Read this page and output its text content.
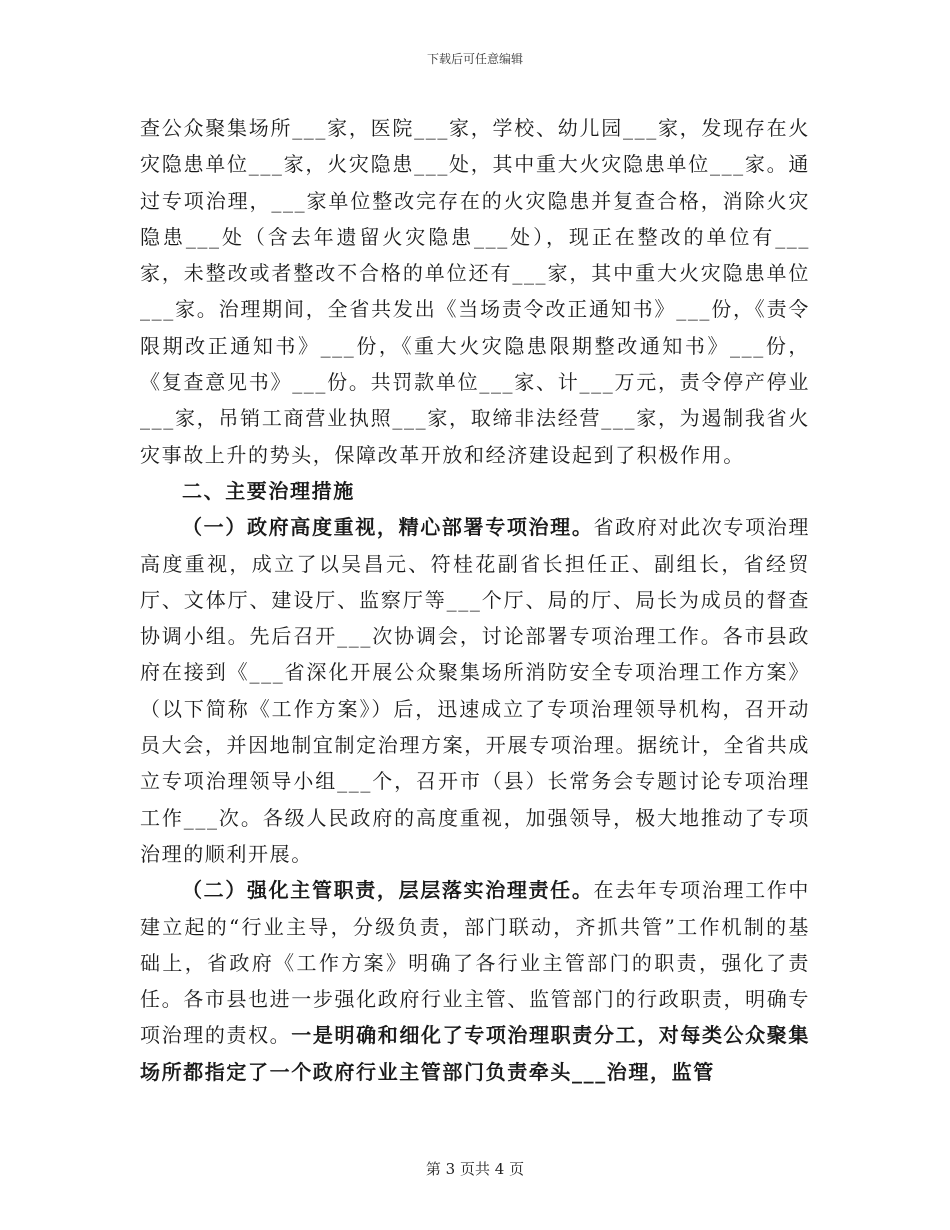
下载后可任意编辑

查公众聚集场所___家，医院___家，学校、幼儿园___家，发现存在火灾隐患单位___家，火灾隐患___处，其中重大火灾隐患单位___家。通过专项治理，___家单位整改完存在的火灾隐患并复查合格，消除火灾隐患___处（含去年遗留火灾隐患___处），现正在整改的单位有___家，未整改或者整改不合格的单位还有___家，其中重大火灾隐患单位___家。治理期间，全省共发出《当场责令改正通知书》___份，《责令限期改正通知书》___份，《重大火灾隐患限期整改通知书》___份，《复查意见书》___份。共罚款单位___家、计___万元，责令停产停业___家，吊销工商营业执照___家，取缔非法经营___家，为遏制我省火灾事故上升的势头，保障改革开放和经济建设起到了积极作用。

二、主要治理措施

（一）政府高度重视，精心部署专项治理。省政府对此次专项治理高度重视，成立了以吴昌元、符桂花副省长担任正、副组长，省经贸厅、文体厅、建设厅、监察厅等___个厅、局的厅、局长为成员的督查协调小组。先后召开___次协调会，讨论部署专项治理工作。各市县政府在接到《___省深化开展公众聚集场所消防安全专项治理工作方案》（以下简称《工作方案》）后，迅速成立了专项治理领导机构，召开动员大会，并因地制宜制定治理方案，开展专项治理。据统计，全省共成立专项治理领导小组___个，召开市（县）长常务会专题讨论专项治理工作___次。各级人民政府的高度重视，加强领导，极大地推动了专项治理的顺利开展。

（二）强化主管职责，层层落实治理责任。在去年专项治理工作中建立起的“行业主导，分级负责，部门联动，齐抓共管”工作机制的基础上，省政府《工作方案》明确了各行业主管部门的职责，强化了责任。各市县也进一步强化政府行业主管、监管部门的行政职责，明确专项治理的责权。一是明确和细化了专项治理职责分工，对每类公众聚集场所都指定了一个政府行业主管部门负责牵头___治理，监管

第 3 页共 4 页
